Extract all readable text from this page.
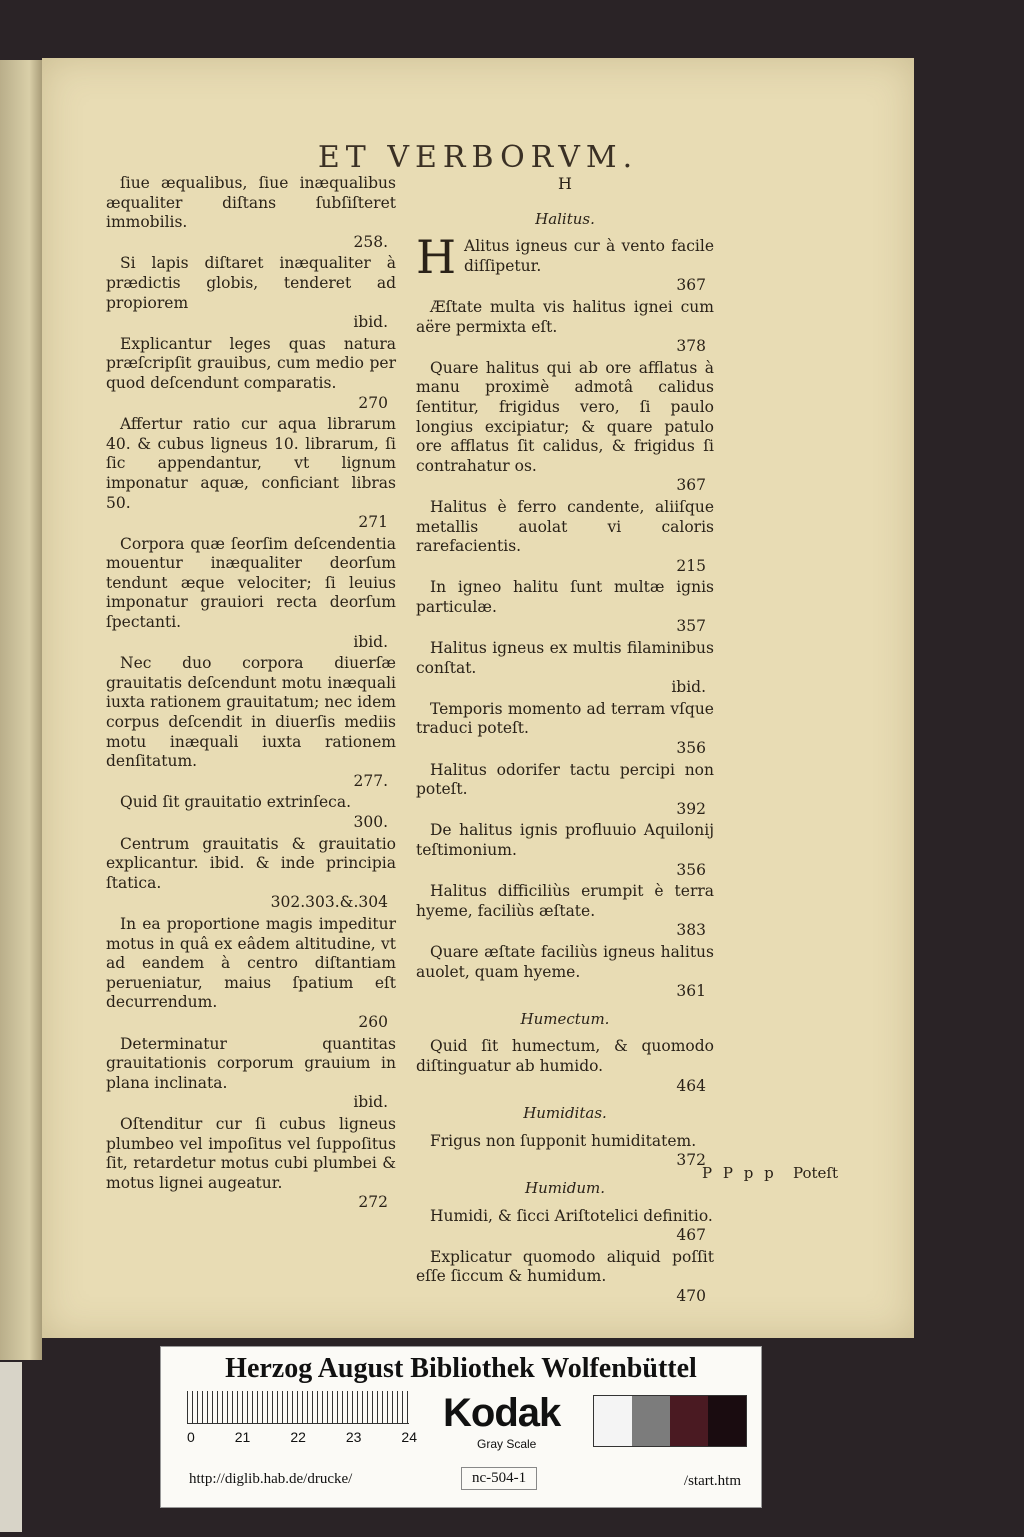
ET VERBORVM.
ſiue æqualibus, ſiue inæqualibus æqualiter diſtans ſubſiſteret immobilis.
258.
Si lapis diſtaret inæqualiter à prædictis globis, tenderet ad propiorem
ibid.
Explicantur leges quas natura præſcripſit grauibus, cum medio per quod deſcendunt comparatis.
270
Affertur ratio cur aqua librarum 40. & cubus ligneus 10. librarum, ſi ſic appendantur, vt lignum imponatur aquæ, conficiant libras 50.
271
Corpora quæ ſeorſim deſcendentia mouentur inæqualiter deorſum tendunt æque velociter; ſi leuius imponatur grauiori recta deorſum ſpectanti.
ibid.
Nec duo corpora diuerſæ grauitatis deſcendunt motu inæquali iuxta rationem grauitatum; nec idem corpus deſcendit in diuerſis mediis motu inæquali iuxta rationem denſitatum.
277.
Quid ſit grauitatio extrinſeca.
300.
Centrum grauitatis & grauitatio explicantur. ibid. & inde principia ſtatica.
302.303.&.304
In ea proportione magis impeditur motus in quâ ex eâdem altitudine, vt ad eandem à centro diſtantiam perueniatur, maius ſpatium eſt decurrendum.
260
Determinatur quantitas grauitationis corporum grauium in plana inclinata.
ibid.
Oſtenditur cur ſi cubus ligneus plumbeo vel impoſitus vel ſuppoſitus ſit, retardetur motus cubi plumbei & motus lignei augeatur.
272
H
Halitus.
H Alitus igneus cur à vento facile diſſipetur.
367
Æſtate multa vis halitus ignei cum aëre permixta eſt.
378
Quare halitus qui ab ore afflatus à manu proximè admotâ calidus ſentitur, frigidus vero, ſi paulo longius excipiatur; & quare patulo ore afflatus ſit calidus, & frigidus ſi contrahatur os.
367
Halitus è ferro candente, aliiſque metallis auolat vi caloris rarefacientis.
215
In igneo halitu ſunt multæ ignis particulæ.
357
Halitus igneus ex multis filaminibus conſtat.
ibid.
Temporis momento ad terram vſque traduci poteſt.
356
Halitus odorifer tactu percipi non poteſt.
392
De halitus ignis profluuio Aquilonij teſtimonium.
356
Halitus difficiliùs erumpit è terra hyeme, faciliùs æſtate.
383
Quare æſtate faciliùs igneus halitus auolet, quam hyeme.
361
Humectum.
Quid ſit humectum, & quomodo diſtinguatur ab humido.
464
Humiditas.
Frigus non ſupponit humiditatem.
372
Humidum.
Humidi, & ſicci Ariſtotelici definitio.
467
Explicatur quomodo aliquid poſſit eſſe ſiccum & humidum.
470
P P p p Poteſt
Herzog August Bibliothek Wolfenbüttel
0	21	22	23	24
Kodak
Gray Scale
http://diglib.hab.de/drucke/	nc-504-1	/start.htm
